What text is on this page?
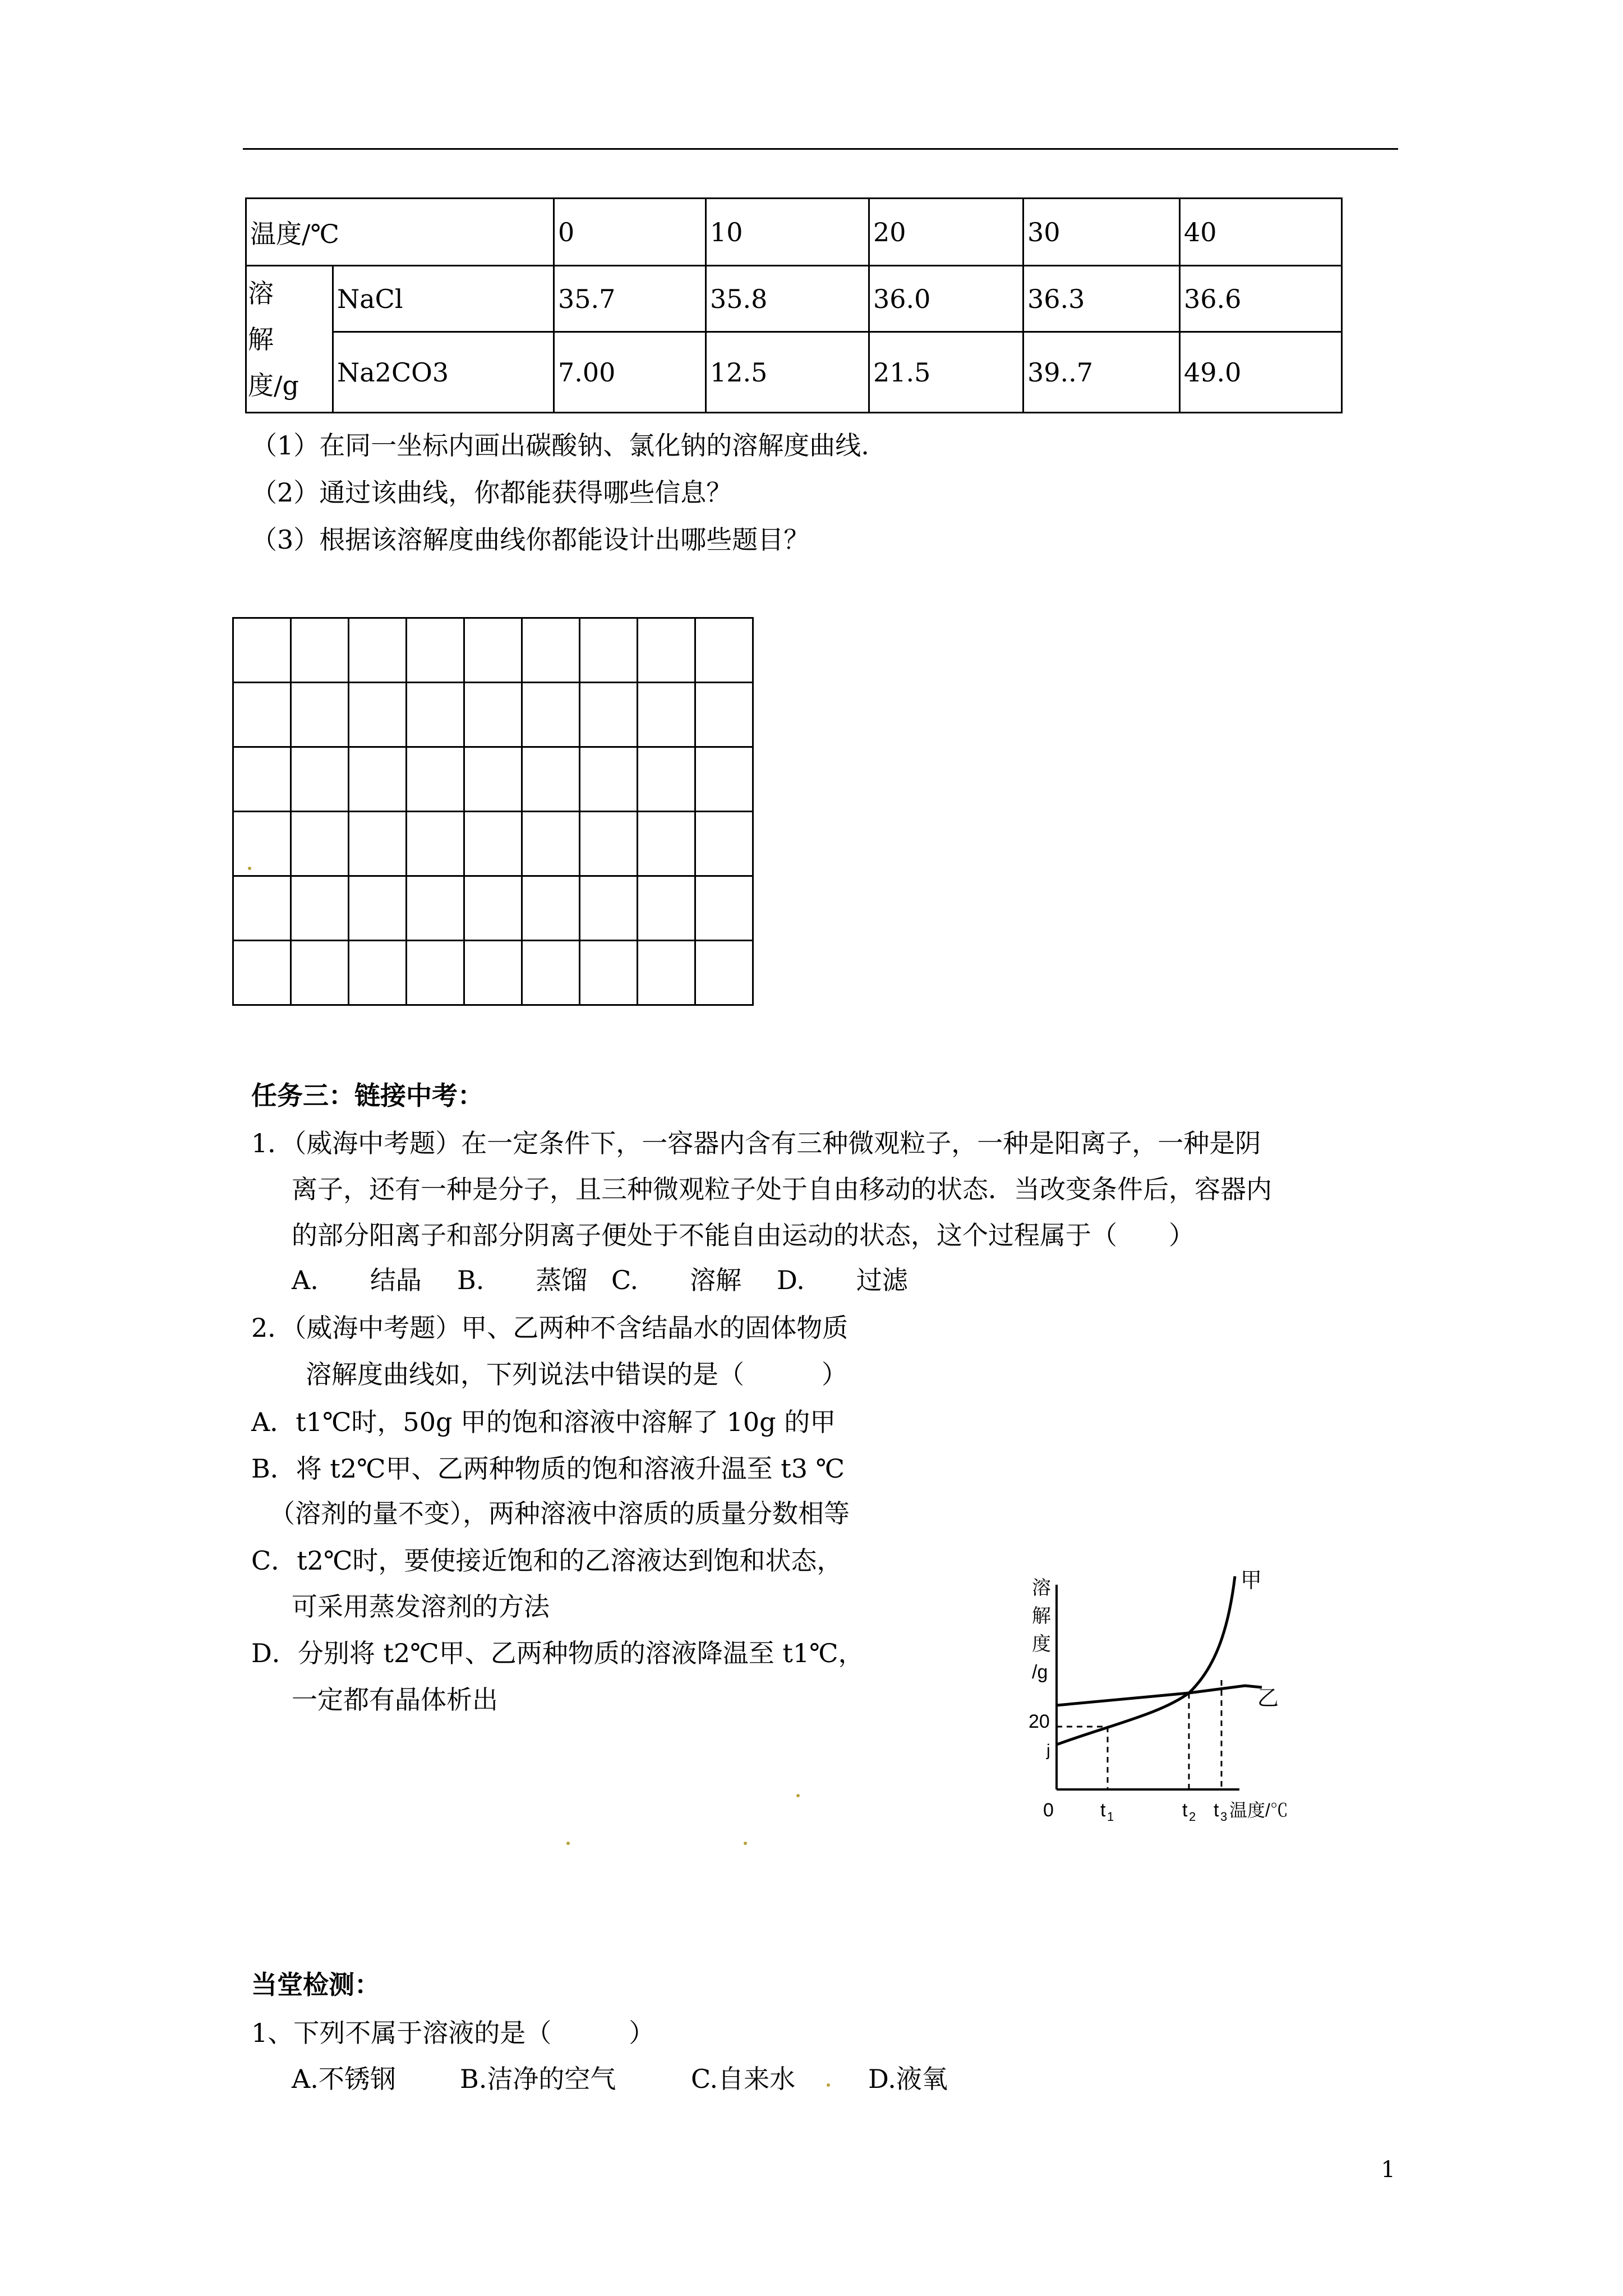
温度/℃		0	10	20	30	40

溶
解
度/g	NaCl	35.7	35.8	36.0	36.3	36.6
	Na2CO3	7.00	12.5	21.5	39..7	49.0
（1）在同一坐标内画出碳酸钠、氯化钠的溶解度曲线.
（2）通过该曲线，你都能获得哪些信息？
（3）根据该溶解度曲线你都能设计出哪些题目？

任务三：链接中考：
1．（威海中考题）在一定条件下，一容器内含有三种微观粒子，一种是阳离子，一种是阴
离子，还有一种是分子，且三种微观粒子处于自由移动的状态．当改变条件后，容器内
的部分阳离子和部分阴离子便处于不能自由运动的状态，这个过程属于（　　）
A.　　结晶 B.　　蒸馏 C.　　溶解 D.　　过滤
2．（威海中考题）甲、乙两种不含结晶水的固体物质
溶解度曲线如，下列说法中错误的是（　　　）
A．t1℃时，50g 甲的饱和溶液中溶解了 10g 的甲
B．将 t2℃甲、乙两种物质的饱和溶液升温至 t3 ℃
（溶剂的量不变），两种溶液中溶质的质量分数相等
C．t2℃时，要使接近饱和的乙溶液达到饱和状态，
可采用蒸发溶剂的方法
D．分别将 t2℃甲、乙两种物质的溶液降温至 t1℃，
一定都有晶体析出
溶
解
度
/g
20
甲
乙
j
0 t 1	t 2 t 3 温度/℃
当堂检测：
1、下列不属于溶液的是（　　　）
A.不锈钢 B.洁净的空气	C.自来水	D.液氧
1
